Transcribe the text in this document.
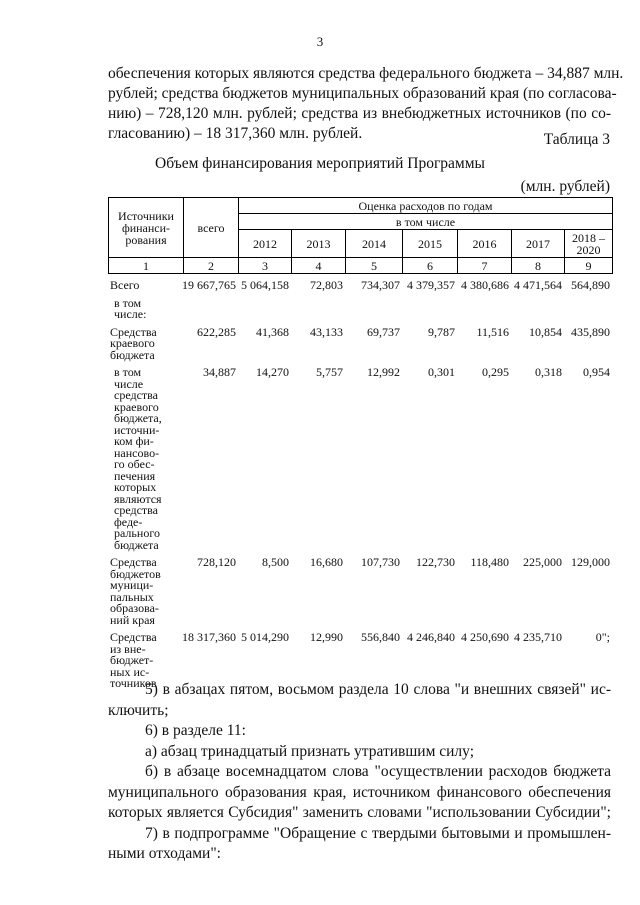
3
обеспечения которых являются средства федерального бюджета – 34,887 млн.
рублей; средства бюджетов муниципальных образований края (по согласова-
нию) – 728,120 млн. рублей; средства из внебюджетных источников (по со-
гласованию) – 18 317,360 млн. рублей.	Таблица 3
Объем финансирования мероприятий Программы
(млн. рублей)
Источники финанси-рования	всего	Оценка расходов по годам						
		в том числе						
		2012	2013	2014	2015	2016	2017	2018 – 2020
1	2	3	4	5	6	7	8	9
Всего	19 667,765	5 064,158	72,803	734,307	4 379,357	4 380,686	4 471,564	564,890
в том числе:								
Средства краевого бюджета	622,285	41,368	43,133	69,737	9,787	11,516	10,854	435,890
в том числе средства краевого бюджета, источни-ком фи-нансово-го обес-печения которых являются средства феде-рального бюджета	34,887	14,270	5,757	12,992	0,301	0,295	0,318	0,954
Средства бюджетов муници-пальных образова-ний края	728,120	8,500	16,680	107,730	122,730	118,480	225,000	129,000
Средства из вне-бюджет-ных ис-точников	18 317,360	5 014,290	12,990	556,840	4 246,840	4 250,690	4 235,710	0";
5) в абзацах пятом, восьмом раздела 10 слова "и внешних связей" ис-
ключить;
6) в разделе 11:
а) абзац тринадцатый признать утратившим силу;
б) в абзаце восемнадцатом слова "осуществлении расходов бюджета
муниципального образования края, источником финансового обеспечения
которых является Субсидия" заменить словами "использовании Субсидии";
7) в подпрограмме "Обращение с твердыми бытовыми и промышлен-
ными отходами":
